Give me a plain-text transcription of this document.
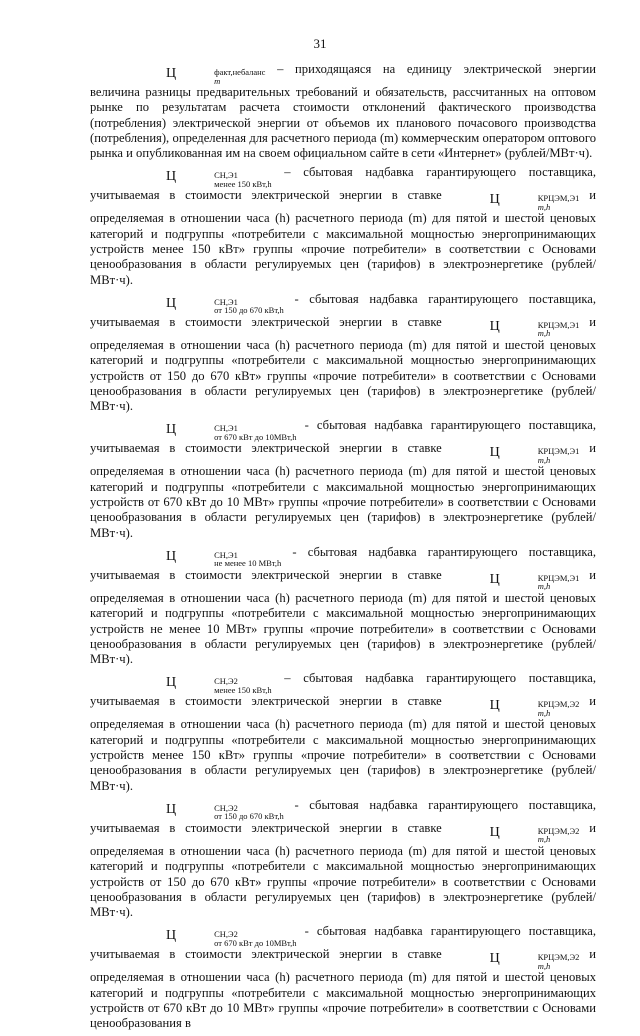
31

Ц	факт,небаланс
m
– приходящаяся на единицу электрической энергии величина разницы предварительных требований и обязательств, рассчитанных на оптовом рынке по результатам расчета стоимости отклонений фактического производства (потребления) электрической энергии от объемов их планового почасового производства (потребления), определенная для расчетного периода (m) коммерческим оператором оптового рынка и опубликованная им на своем официальном сайте в сети «Интернет» (рублей/МВт·ч).

Ц	СН,Э1
менее 150 кВт,h
– сбытовая надбавка гарантирующего поставщика, учитываемая в стоимости электрической энергии в ставке	Ц	КРЦЭМ,Э1
m,h
и определяемая в отношении часа (h) расчетного периода (m) для пятой и шестой ценовых категорий и подгруппы «потребители с максимальной мощностью энергопринимающих устройств менее 150 кВт» группы «прочие потребители» в соответствии с Основами ценообразования в области регулируемых цен (тарифов) в электроэнергетике (рублей/МВт·ч).

Ц	СН,Э1
от 150 до 670 кВт,h
- сбытовая надбавка гарантирующего поставщика, учитываемая в стоимости электрической энергии в ставке	Ц	КРЦЭМ,Э1
m,h
и определяемая в отношении часа (h) расчетного периода (m) для пятой и шестой ценовых категорий и подгруппы «потребители с максимальной мощностью энергопринимающих устройств от 150 до 670 кВт» группы «прочие потребители» в соответствии с Основами ценообразования в области регулируемых цен (тарифов) в электроэнергетике (рублей/МВт·ч).

Ц	СН,Э1
от 670 кВт до 10МВт,h
- сбытовая надбавка гарантирующего поставщика, учитываемая в стоимости электрической энергии в ставке	Ц	КРЦЭМ,Э1
m,h
и определяемая в отношении часа (h) расчетного периода (m) для пятой и шестой ценовых категорий и подгруппы «потребители с максимальной мощностью энергопринимающих устройств от 670 кВт до 10 МВт» группы «прочие потребители» в соответствии с Основами ценообразования в области регулируемых цен (тарифов) в электроэнергетике (рублей/МВт·ч).

Ц	СН,Э1
не менее 10 МВт,h
- сбытовая надбавка гарантирующего поставщика, учитываемая в стоимости электрической энергии в ставке	Ц	КРЦЭМ,Э1
m,h
и определяемая в отношении часа (h) расчетного периода (m) для пятой и шестой ценовых категорий и подгруппы «потребители с максимальной мощностью энергопринимающих устройств не менее 10 МВт» группы «прочие потребители» в соответствии с Основами ценообразования в области регулируемых цен (тарифов) в электроэнергетике (рублей/МВт·ч).

Ц	СН,Э2
менее 150 кВт,h
– сбытовая надбавка гарантирующего поставщика, учитываемая в стоимости электрической энергии в ставке	Ц	КРЦЭМ,Э2
m,h
и определяемая в отношении часа (h) расчетного периода (m) для пятой и шестой ценовых категорий и подгруппы «потребители с максимальной мощностью энергопринимающих устройств менее 150 кВт» группы «прочие потребители» в соответствии с Основами ценообразования в области регулируемых цен (тарифов) в электроэнергетике (рублей/МВт·ч).

Ц	СН,Э2
от 150 до 670 кВт,h
- сбытовая надбавка гарантирующего поставщика, учитываемая в стоимости электрической энергии в ставке	Ц	КРЦЭМ,Э2
m,h
и определяемая в отношении часа (h) расчетного периода (m) для пятой и шестой ценовых категорий и подгруппы «потребители с максимальной мощностью энергопринимающих устройств от 150 до 670 кВт» группы «прочие потребители» в соответствии с Основами ценообразования в области регулируемых цен (тарифов) в электроэнергетике (рублей/МВт·ч).

Ц	СН,Э2
от 670 кВт до 10МВт,h
- сбытовая надбавка гарантирующего поставщика, учитываемая в стоимости электрической энергии в ставке	Ц	КРЦЭМ,Э2
m,h
и определяемая в отношении часа (h) расчетного периода (m) для пятой и шестой ценовых категорий и подгруппы «потребители с максимальной мощностью энергопринимающих устройств от 670 кВт до 10 МВт» группы «прочие потребители» в соответствии с Основами ценообразования в
